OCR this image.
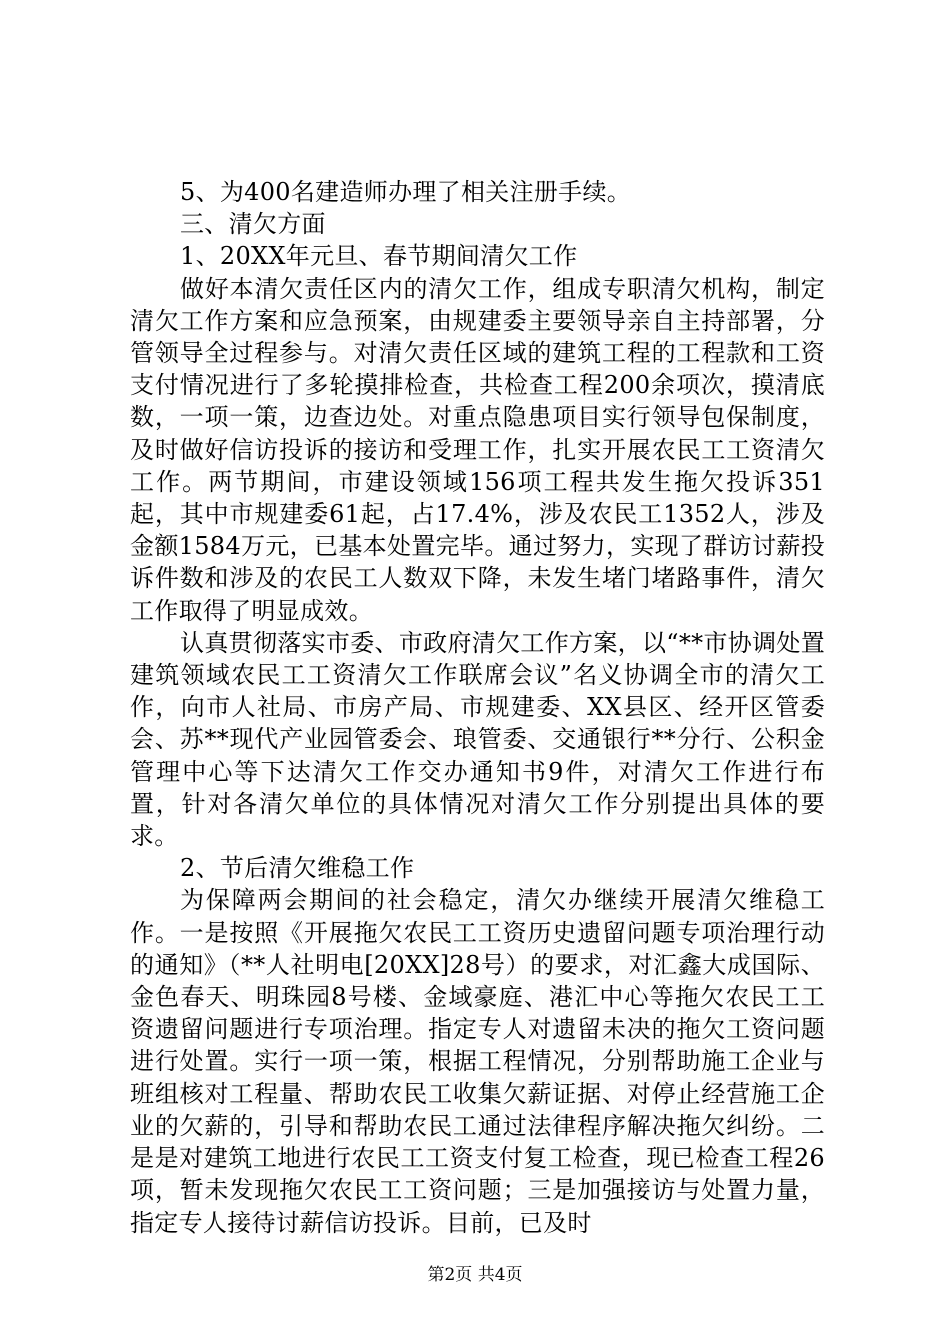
5、为400名建造师办理了相关注册手续。

三、清欠方面

1、20XX年元旦、春节期间清欠工作

做好本清欠责任区内的清欠工作，组成专职清欠机构，制定清欠工作方案和应急预案，由规建委主要领导亲自主持部署，分管领导全过程参与。对清欠责任区域的建筑工程的工程款和工资支付情况进行了多轮摸排检查，共检查工程200余项次，摸清底数，一项一策，边查边处。对重点隐患项目实行领导包保制度，及时做好信访投诉的接访和受理工作，扎实开展农民工工资清欠工作。两节期间，市建设领域156项工程共发生拖欠投诉351起，其中市规建委61起，占17.4%，涉及农民工1352人，涉及金额1584万元，已基本处置完毕。通过努力，实现了群访讨薪投诉件数和涉及的农民工人数双下降，未发生堵门堵路事件，清欠工作取得了明显成效。

认真贯彻落实市委、市政府清欠工作方案，以“**市协调处置建筑领域农民工工资清欠工作联席会议”名义协调全市的清欠工作，向市人社局、市房产局、市规建委、XX县区、经开区管委会、苏**现代产业园管委会、琅管委、交通银行**分行、公积金管理中心等下达清欠工作交办通知书9件，对清欠工作进行布置，针对各清欠单位的具体情况对清欠工作分别提出具体的要求。

2、节后清欠维稳工作

为保障两会期间的社会稳定，清欠办继续开展清欠维稳工作。一是按照《开展拖欠农民工工资历史遗留问题专项治理行动的通知》（**人社明电[20XX]28号）的要求，对汇鑫大成国际、金色春天、明珠园8号楼、金域豪庭、港汇中心等拖欠农民工工资遗留问题进行专项治理。指定专人对遗留未决的拖欠工资问题进行处置。实行一项一策，根据工程情况，分别帮助施工企业与班组核对工程量、帮助农民工收集欠薪证据、对停止经营施工企业的欠薪的，引导和帮助农民工通过法律程序解决拖欠纠纷。二是是对建筑工地进行农民工工资支付复工检查，现已检查工程26项，暂未发现拖欠农民工工资问题；三是加强接访与处置力量，指定专人接待讨薪信访投诉。目前，已及时

第2页 共4页
